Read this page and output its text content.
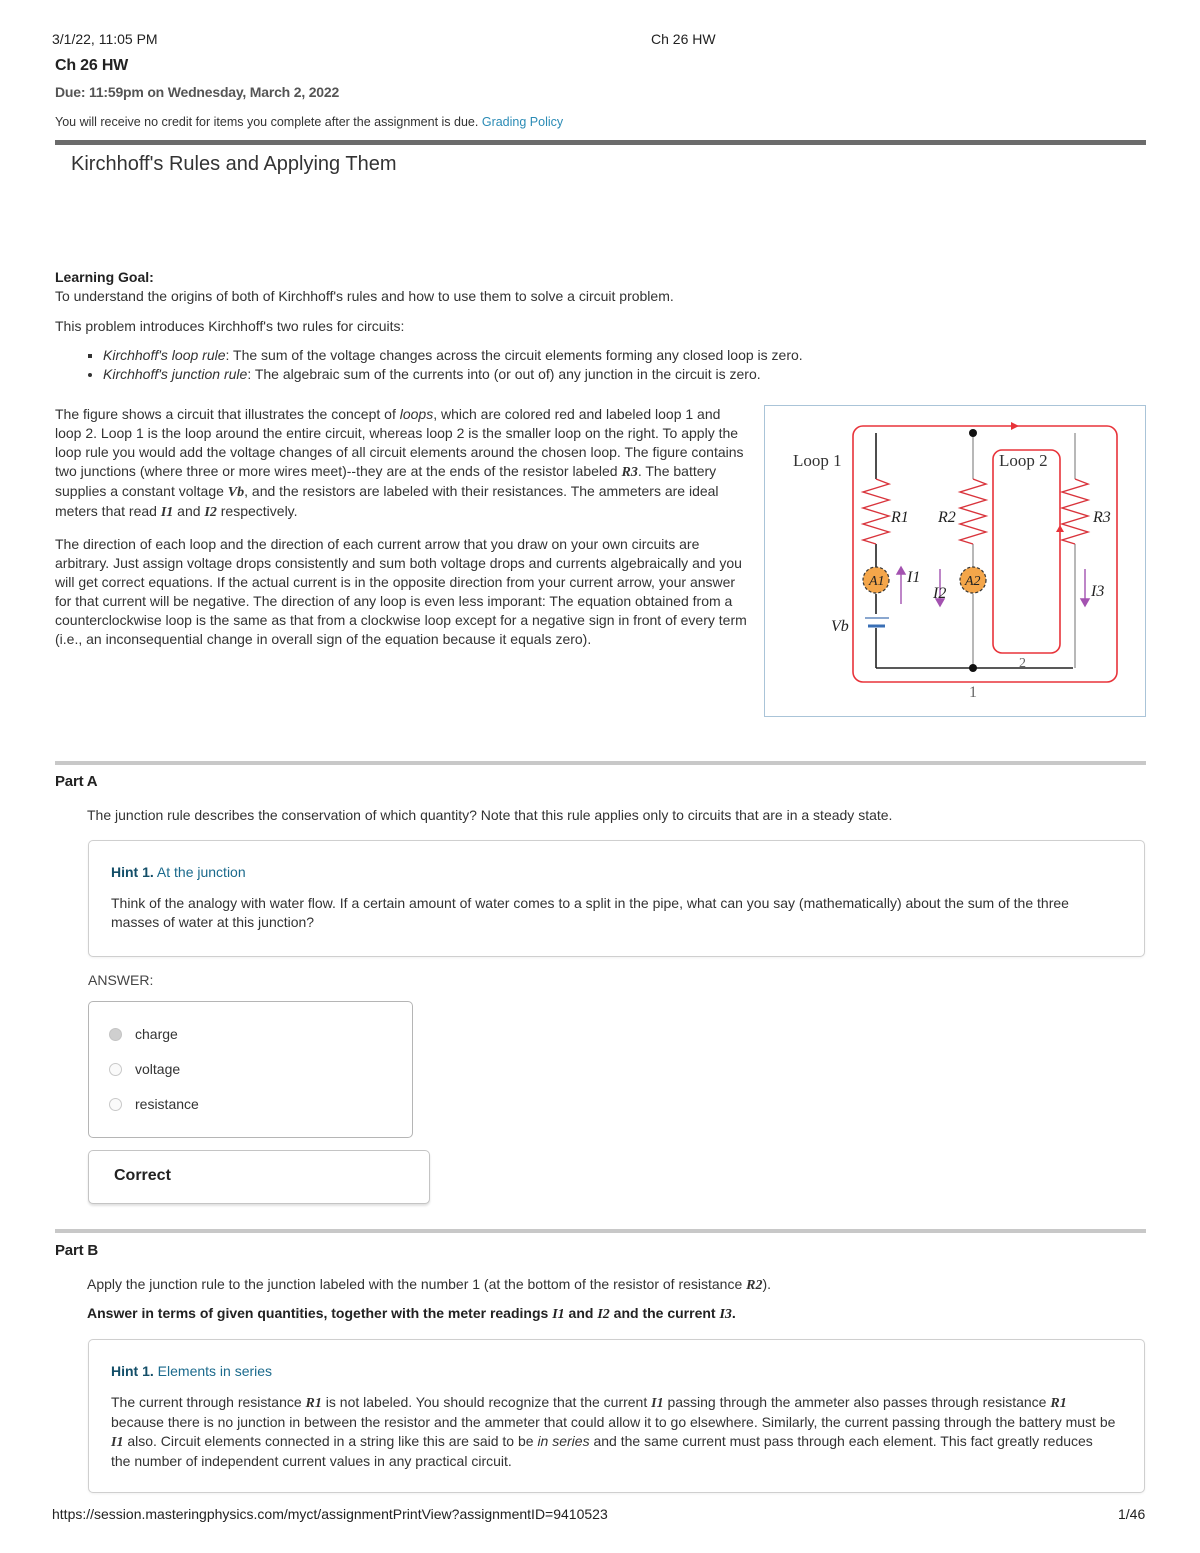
3/1/22, 11:05 PM	Ch 26 HW
Ch 26 HW
Due: 11:59pm on Wednesday, March 2, 2022
You will receive no credit for items you complete after the assignment is due. Grading Policy
Kirchhoff's Rules and Applying Them
Learning Goal:
To understand the origins of both of Kirchhoff's rules and how to use them to solve a circuit problem.
This problem introduces Kirchhoff's two rules for circuits:
▪ Kirchhoff's loop rule: The sum of the voltage changes across the circuit elements forming any closed loop is zero.
• Kirchhoff's junction rule: The algebraic sum of the currents into (or out of) any junction in the circuit is zero.
The figure shows a circuit that illustrates the concept of loops, which are colored red and labeled loop 1 and loop 2. Loop 1 is the loop around the entire circuit, whereas loop 2 is the smaller loop on the right. To apply the loop rule you would add the voltage changes of all circuit elements around the chosen loop. The figure contains two junctions (where three or more wires meet)--they are at the ends of the resistor labeled R3. The battery supplies a constant voltage Vb, and the resistors are labeled with their resistances. The ammeters are ideal meters that read I1 and I2 respectively.
The direction of each loop and the direction of each current arrow that you draw on your own circuits are arbitrary. Just assign voltage drops consistently and sum both voltage drops and currents algebraically and you will get correct equations. If the actual current is in the opposite direction from your current arrow, your answer for that current will be negative. The direction of any loop is even less imporant: The equation obtained from a counterclockwise loop is the same as that from a clockwise loop except for a negative sign in front of every term (i.e., an inconsequential change in overall sign of the equation because it equals zero).
A1	A2
Loop 1	Loop 2
1
2
R1 R2	R3
I1
I2	I3
Vb
Part A
The junction rule describes the conservation of which quantity? Note that this rule applies only to circuits that are in a steady state.
Hint 1. At the junction
Think of the analogy with water flow. If a certain amount of water comes to a split in the pipe, what can you say (mathematically) about the sum of the three masses of water at this junction?
ANSWER:
charge
voltage
resistance
Correct
Part B
Apply the junction rule to the junction labeled with the number 1 (at the bottom of the resistor of resistance R2).
Answer in terms of given quantities, together with the meter readings I1 and I2 and the current I3.
Hint 1. Elements in series
The current through resistance R1 is not labeled. You should recognize that the current I1 passing through the ammeter also passes through resistance R1 because there is no junction in between the resistor and the ammeter that could allow it to go elsewhere. Similarly, the current passing through the battery must be I1 also. Circuit elements connected in a string like this are said to be in series and the same current must pass through each element. This fact greatly reduces the number of independent current values in any practical circuit.
https://session.masteringphysics.com/myct/assignmentPrintView?assignmentID=9410523	1/46
